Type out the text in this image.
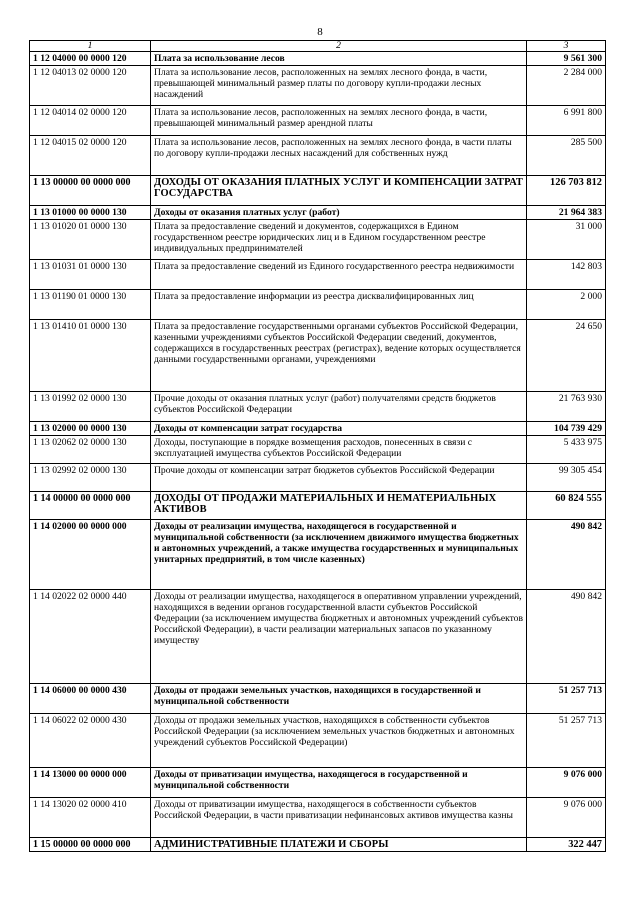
8
1	2	3
1 12 04000 00 0000 120	Плата за использование лесов	9 561 300
1 12 04013 02 0000 120	Плата за использование лесов, расположенных на землях лесного фонда, в части, превышающей минимальный размер платы по договору купли-продажи лесных насаждений	2 284 000
1 12 04014 02 0000 120	Плата за использование лесов, расположенных на землях лесного фонда, в части, превышающей минимальный размер арендной платы	6 991 800
1 12 04015 02 0000 120	Плата за использование лесов, расположенных на землях лесного фонда, в части платы по договору купли-продажи лесных насаждений для собственных нужд	285 500
1 13 00000 00 0000 000	ДОХОДЫ ОТ ОКАЗАНИЯ ПЛАТНЫХ УСЛУГ И КОМПЕНСАЦИИ ЗАТРАТ ГОСУДАРСТВА	126 703 812
1 13 01000 00 0000 130	Доходы от оказания платных услуг (работ)	21 964 383
1 13 01020 01 0000 130	Плата за предоставление сведений и документов, содержащихся в Едином государственном реестре юридических лиц и в Едином государственном реестре индивидуальных предпринимателей	31 000
1 13 01031 01 0000 130	Плата за предоставление сведений из Единого государственного реестра недвижимости	142 803
1 13 01190 01 0000 130	Плата за предоставление информации из реестра дисквалифицированных лиц	2 000
1 13 01410 01 0000 130	Плата за предоставление государственными органами субъектов Российской Федерации, казенными учреждениями субъектов Российской Федерации сведений, документов, содержащихся в государственных реестрах (регистрах), ведение которых осуществляется данными государственными органами, учреждениями	24 650
1 13 01992 02 0000 130	Прочие доходы от оказания платных услуг (работ) получателями средств бюджетов субъектов Российской Федерации	21 763 930
1 13 02000 00 0000 130	Доходы от компенсации затрат государства	104 739 429
1 13 02062 02 0000 130	Доходы, поступающие в порядке возмещения расходов, понесенных в связи с эксплуатацией имущества субъектов Российской Федерации	5 433 975
1 13 02992 02 0000 130	Прочие доходы от компенсации затрат бюджетов субъектов Российской Федерации	99 305 454
1 14 00000 00 0000 000	ДОХОДЫ ОТ ПРОДАЖИ МАТЕРИАЛЬНЫХ И НЕМАТЕРИАЛЬНЫХ АКТИВОВ	60 824 555
1 14 02000 00 0000 000	Доходы от реализации имущества, находящегося в государственной и муниципальной собственности (за исключением движимого имущества бюджетных и автономных учреждений, а также имущества государственных и муниципальных унитарных предприятий, в том числе казенных)	490 842
1 14 02022 02 0000 440	Доходы от реализации имущества, находящегося в оперативном управлении учреждений, находящихся в ведении органов государственной власти субъектов Российской Федерации (за исключением имущества бюджетных и автономных учреждений субъектов Российской Федерации), в части реализации материальных запасов по указанному имуществу	490 842
1 14 06000 00 0000 430	Доходы от продажи земельных участков, находящихся в государственной и муниципальной собственности	51 257 713
1 14 06022 02 0000 430	Доходы от продажи земельных участков, находящихся в собственности субъектов Российской Федерации (за исключением земельных участков бюджетных и автономных учреждений субъектов Российской Федерации)	51 257 713
1 14 13000 00 0000 000	Доходы от приватизации имущества, находящегося в государственной и муниципальной собственности	9 076 000
1 14 13020 02 0000 410	Доходы от приватизации имущества, находящегося в собственности субъектов Российской Федерации, в части приватизации нефинансовых активов имущества казны	9 076 000
1 15 00000 00 0000 000	АДМИНИСТРАТИВНЫЕ ПЛАТЕЖИ И СБОРЫ	322 447
